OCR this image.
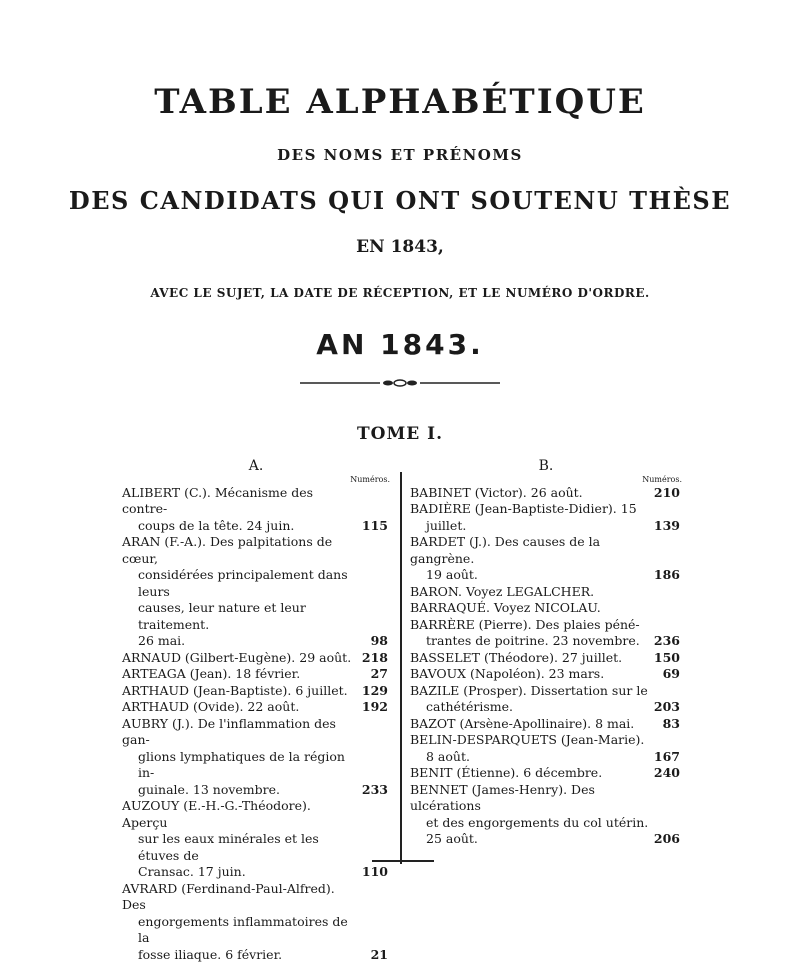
TABLE ALPHABÉTIQUE
DES NOMS ET PRÉNOMS
DES CANDIDATS QUI ONT SOUTENU THÈSE
EN 1843,
AVEC LE SUJET, LA DATE DE RÉCEPTION, ET LE NUMÉRO D'ORDRE.
AN 1843.
TOME I.
A.
Numéros.
ALIBERT (C.). Mécanisme des contre-
coups de la tête. 24 juin.	115
ARAN (F.-A.). Des palpitations de cœur,
considérées principalement dans leurs
causes, leur nature et leur traitement.
26 mai.	98
ARNAUD (Gilbert-Eugène). 29 août. 218
ARTEAGA (Jean). 18 février.	27
ARTHAUD (Jean-Baptiste). 6 juillet.	129
ARTHAUD (Ovide). 22 août.	192
AUBRY (J.). De l'inflammation des gan-
glions lymphatiques de la région in-
guinale. 13 novembre.	233
AUZOUY (E.-H.-G.-Théodore). Aperçu
sur les eaux minérales et les étuves de
Cransac. 17 juin.	110
AVRARD (Ferdinand-Paul-Alfred). Des
engorgements inflammatoires de la
fosse iliaque. 6 février.	21
B.
Numéros.
BABINET (Victor). 26 août.	210
BADIÈRE (Jean-Baptiste-Didier). 15
juillet.	139
BARDET (J.). Des causes de la gangrène.
19 août.	186
BARON. Voyez LEGALCHER.
BARRAQUÉ. Voyez NICOLAU.
BARRÈRE (Pierre). Des plaies péné-
trantes de poitrine. 23 novembre.	236
BASSELET (Théodore). 27 juillet.	150
BAVOUX (Napoléon). 23 mars.	69
BAZILE (Prosper). Dissertation sur le
cathétérisme.	203
BAZOT (Arsène-Apollinaire). 8 mai.	83
BELIN-DESPARQUETS (Jean-Marie).
8 août.	167
BENIT (Étienne). 6 décembre.	240
BENNET (James-Henry). Des ulcérations
et des engorgements du col utérin.
25 août.	206
